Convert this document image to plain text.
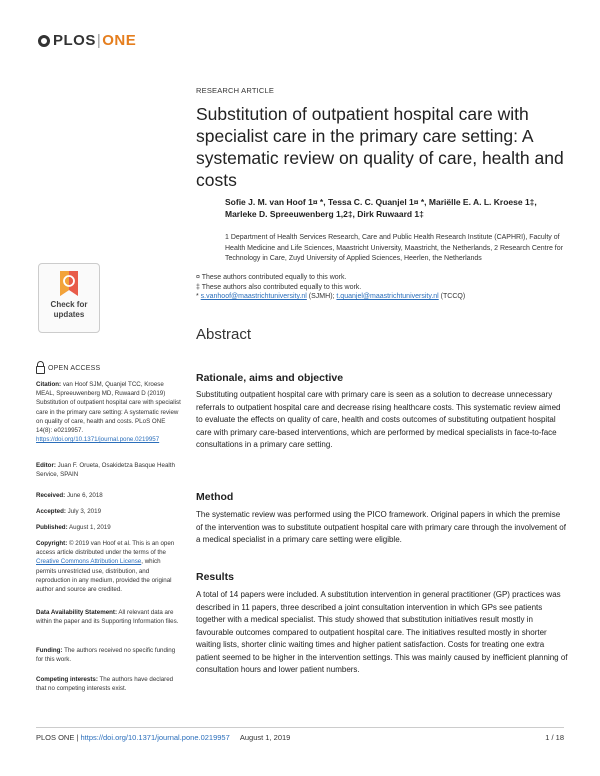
PLOS | ONE
RESEARCH ARTICLE
Substitution of outpatient hospital care with specialist care in the primary care setting: A systematic review on quality of care, health and costs
Sofie J. M. van Hoof 1¤ *, Tessa C. C. Quanjel 1¤ *, Mariëlle E. A. L. Kroese 1‡, Marleke D. Spreeuwenberg 1,2‡, Dirk Ruwaard 1‡
1 Department of Health Services Research, Care and Public Health Research Institute (CAPHRI), Faculty of Health Medicine and Life Sciences, Maastricht University, Maastricht, the Netherlands, 2 Research Centre for Technology in Care, Zuyd University of Applied Sciences, Heerlen, the Netherlands
¤ These authors contributed equally to this work.
‡ These authors also contributed equally to this work.
* s.vanhoof@maastrichtuniversity.nl (SJMH); t.quanjel@maastrichtuniversity.nl (TCCQ)
Check for
updates
Abstract
Rationale, aims and objective
Substituting outpatient hospital care with primary care is seen as a solution to decrease unnecessary referrals to outpatient hospital care and decrease rising healthcare costs. This systematic review aimed to evaluate the effects on quality of care, health and costs outcomes of substituting outpatient hospital care with primary care-based interventions, which are performed by medical specialists in face-to-face consultations in a primary care setting.
Method
The systematic review was performed using the PICO framework. Original papers in which the premise of the intervention was to substitute outpatient hospital care with primary care through the involvement of a medical specialist in a primary care setting were eligible.
Results
A total of 14 papers were included. A substitution intervention in general practitioner (GP) practices was described in 11 papers, three described a joint consultation intervention in which GPs see patients together with a medical specialist. This study showed that substitution initiatives result mostly in favourable outcomes compared to outpatient hospital care. The initiatives resulted mostly in shorter waiting lists, shorter clinic waiting times and higher patient satisfaction. Costs for treating one extra patient seemed to be higher in the intervention settings. This was mainly caused by inefficient planning of consultation hours and lower patient numbers.
OPEN ACCESS
Citation: van Hoof SJM, Quanjel TCC, Kroese MEAL, Spreeuwenberg MD, Ruwaard D (2019) Substitution of outpatient hospital care with specialist care in the primary care setting: A systematic review on quality of care, health and costs. PLoS ONE 14(8): e0219957. https://doi.org/10.1371/journal.pone.0219957
Editor: Juan F. Orueta, Osakidetza Basque Health Service, SPAIN
Received: June 6, 2018
Accepted: July 3, 2019
Published: August 1, 2019
Copyright: © 2019 van Hoof et al. This is an open access article distributed under the terms of the Creative Commons Attribution License, which permits unrestricted use, distribution, and reproduction in any medium, provided the original author and source are credited.
Data Availability Statement: All relevant data are within the paper and its Supporting Information files.
Funding: The authors received no specific funding for this work.
Competing interests: The authors have declared that no competing interests exist.
PLOS ONE | https://doi.org/10.1371/journal.pone.0219957 August 1, 2019	1 / 18
